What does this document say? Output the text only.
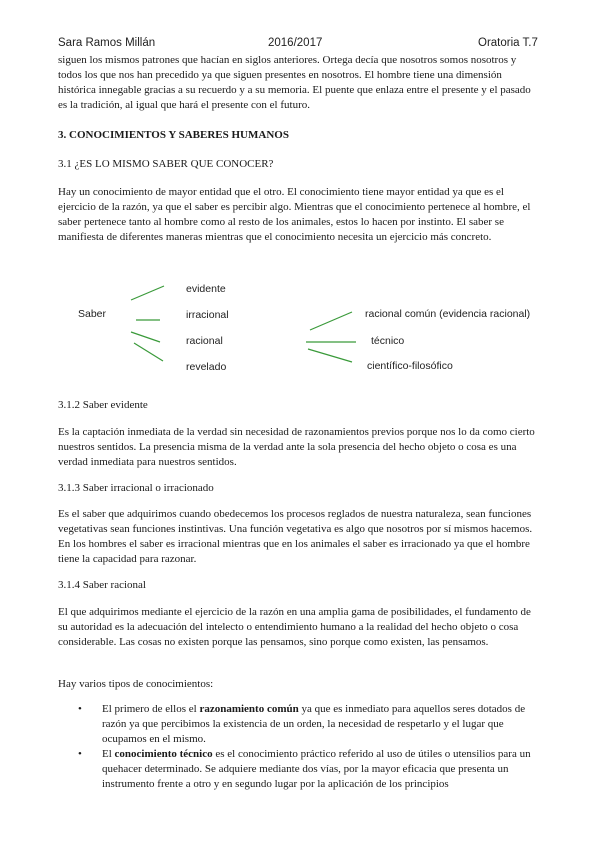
Sara Ramos Millán	2016/2017	Oratoria T.7

siguen los mismos patrones que hacían en siglos anteriores. Ortega decía que nosotros somos nosotros y todos los que nos han precedido ya que siguen presentes en nosotros. El hombre tiene una dimensión histórica innegable gracias a su recuerdo y a su memoria. El puente que enlaza entre el presente y el pasado es la tradición, al igual que hará el presente con el futuro.

3. CONOCIMIENTOS Y SABERES HUMANOS
3.1 ¿ES LO MISMO SABER QUE CONOCER?

Hay un conocimiento de mayor entidad que el otro. El conocimiento tiene mayor entidad ya que es el ejercicio de la razón, ya que el saber es percibir algo. Mientras que el conocimiento pertenece al hombre, el saber pertenece tanto al hombre como al resto de los animales, estos lo hacen por instinto. El saber se manifiesta de diferentes maneras mientras que el conocimiento necesita un ejercicio más concreto.

Saber
evidente
irracional
racional
revelado
racional común (evidencia racional)
técnico
científico-filosófico
3.1.2 Saber evidente

Es la captación inmediata de la verdad sin necesidad de razonamientos previos porque nos lo da como cierto nuestros sentidos. La presencia misma de la verdad ante la sola presencia del hecho objeto o cosa es una verdad inmediata para nuestros sentidos.

3.1.3 Saber irracional o irracionado

Es el saber que adquirimos cuando obedecemos los procesos reglados de nuestra naturaleza, sean funciones vegetativas sean funciones instintivas. Una función vegetativa es algo que nosotros por sí mismos hacemos. En los hombres el saber es irracional mientras que en los animales el saber es irracionado ya que el hombre tiene la capacidad para razonar.

3.1.4 Saber racional

El que adquirimos mediante el ejercicio de la razón en una amplia gama de posibilidades, el fundamento de su autoridad es la adecuación del intelecto o entendimiento humano a la realidad del hecho objeto o cosa considerable. Las cosas no existen porque las pensamos, sino porque como existen, las pensamos.

Hay varios tipos de conocimientos:
• El primero de ellos el razonamiento común ya que es inmediato para aquellos seres dotados de razón ya que percibimos la existencia de un orden, la necesidad de respetarlo y el lugar que ocupamos en el mismo.
• El conocimiento técnico es el conocimiento práctico referido al uso de útiles o utensilios para un quehacer determinado. Se adquiere mediante dos vías, por la mayor eficacia que presenta un instrumento frente a otro y en segundo lugar por la aplicación de los principios
